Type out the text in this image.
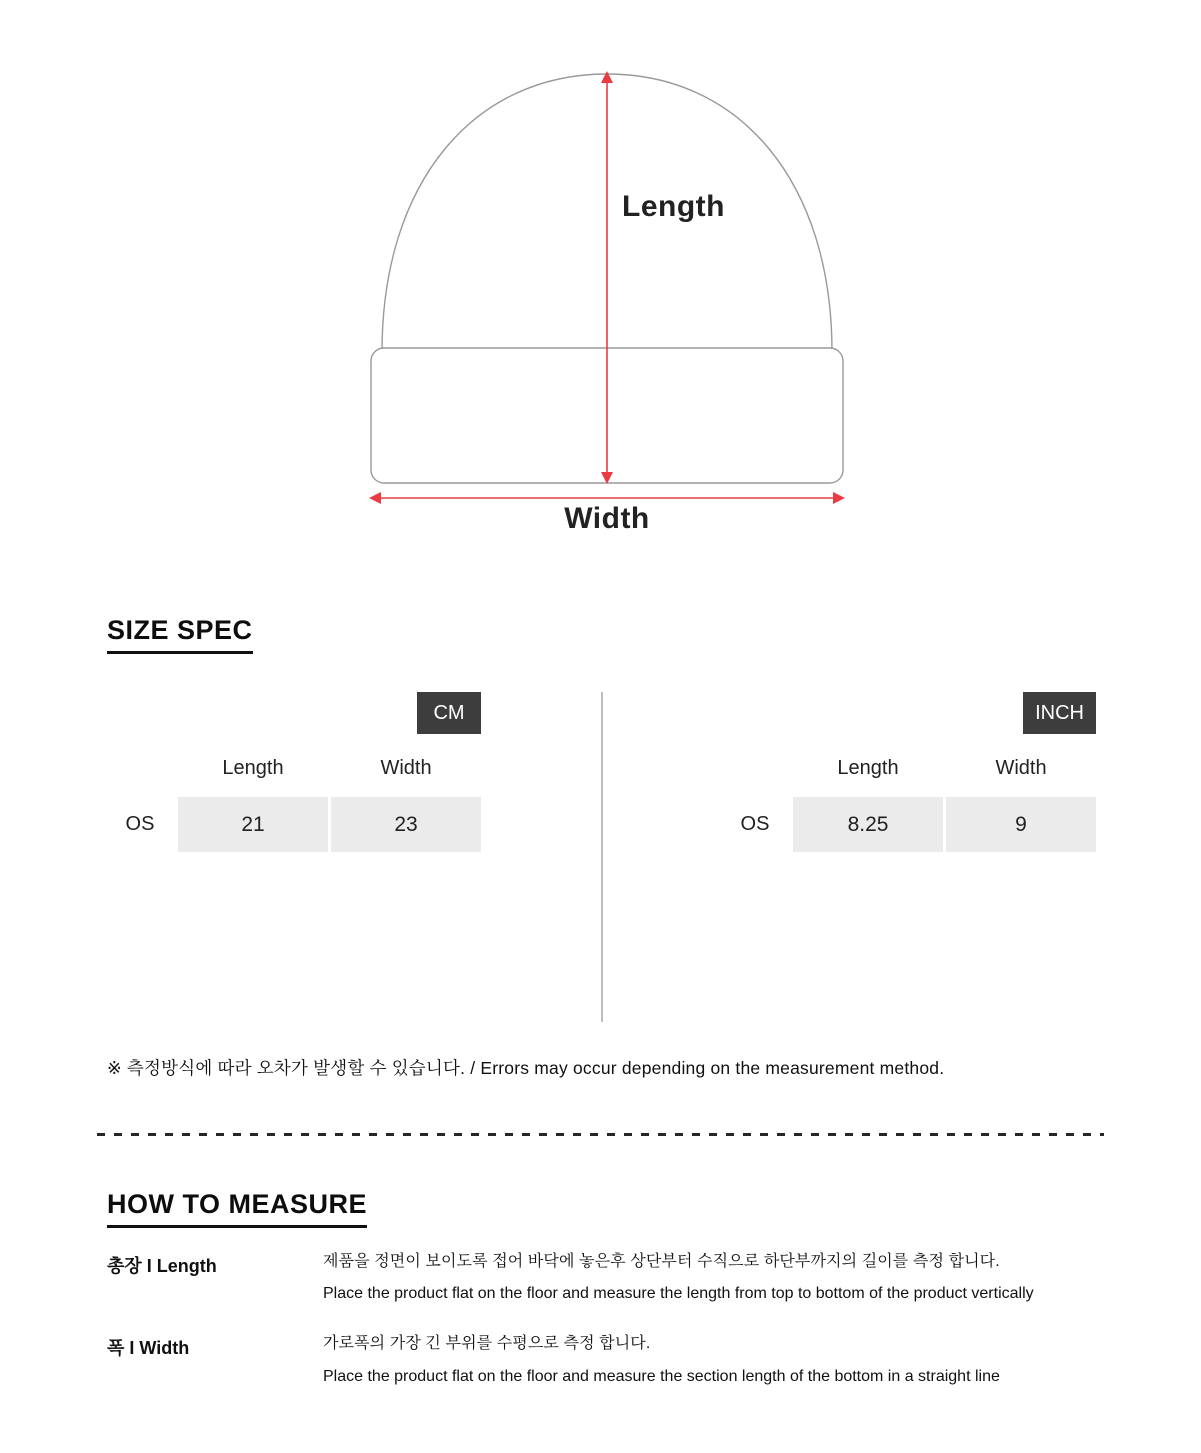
Length
Width
SIZE SPEC
CM
Length	Width
OS	21	23
INCH
Length	Width
OS	8.25	9
※ 측정방식에 따라 오차가 발생할 수 있습니다. / Errors may occur depending on the measurement method.
HOW TO MEASURE
총장 I Length	제품을 정면이 보이도록 접어 바닥에 놓은후 상단부터 수직으로 하단부까지의 길이를 측정 합니다.
Place the product flat on the floor and measure the length from top to bottom of the product vertically
폭 I Width	가로폭의 가장 긴 부위를 수평으로 측정 합니다.
Place the product flat on the floor and measure the section length of the bottom in a straight line
